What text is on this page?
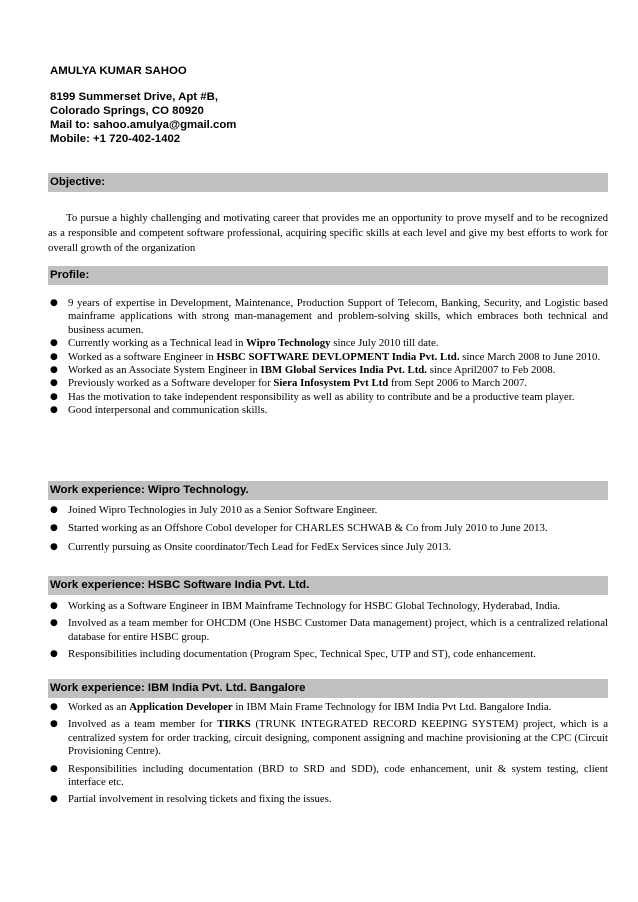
AMULYA KUMAR SAHOO
8199 Summerset Drive, Apt #B,
Colorado Springs, CO 80920
Mail to: sahoo.amulya@gmail.com
Mobile: +1 720-402-1402
Objective:
To pursue a highly challenging and motivating career that provides me an opportunity to prove myself and to be recognized as a responsible and competent software professional, acquiring specific skills at each level and give my best efforts to work for overall growth of the organization
Profile:
● 9 years of expertise in Development, Maintenance, Production Support of Telecom, Banking, Security, and Logistic based mainframe applications with strong man-management and problem-solving skills, which embraces both technical and business acumen.
● Currently working as a Technical lead in Wipro Technology since July 2010 till date.
● Worked as a software Engineer in HSBC SOFTWARE DEVLOPMENT India Pvt. Ltd. since March 2008 to June 2010.
● Worked as an Associate System Engineer in IBM Global Services India Pvt. Ltd. since April2007 to Feb 2008.
● Previously worked as a Software developer for Siera Infosystem Pvt Ltd from Sept 2006 to March 2007.
● Has the motivation to take independent responsibility as well as ability to contribute and be a productive team player.
● Good interpersonal and communication skills.
Work experience: Wipro Technology.
● Joined Wipro Technologies in July 2010 as a Senior Software Engineer.
● Started working as an Offshore Cobol developer for CHARLES SCHWAB & Co from July 2010 to June 2013.
● Currently pursuing as Onsite coordinator/Tech Lead for FedEx Services since July 2013.
Work experience: HSBC Software India Pvt. Ltd.
● Working as a Software Engineer in IBM Mainframe Technology for HSBC Global Technology, Hyderabad, India.
● Involved as a team member for OHCDM (One HSBC Customer Data management) project, which is a centralized relational database for entire HSBC group.
● Responsibilities including documentation (Program Spec, Technical Spec, UTP and ST), code enhancement.
Work experience: IBM India Pvt. Ltd. Bangalore
● Worked as an Application Developer in IBM Main Frame Technology for IBM India Pvt Ltd. Bangalore India.
● Involved as a team member for TIRKS (TRUNK INTEGRATED RECORD KEEPING SYSTEM) project, which is a centralized system for order tracking, circuit designing, component assigning and machine provisioning at the CPC (Circuit Provisioning Centre).
● Responsibilities including documentation (BRD to SRD and SDD), code enhancement, unit & system testing, client interface etc.
● Partial involvement in resolving tickets and fixing the issues.
